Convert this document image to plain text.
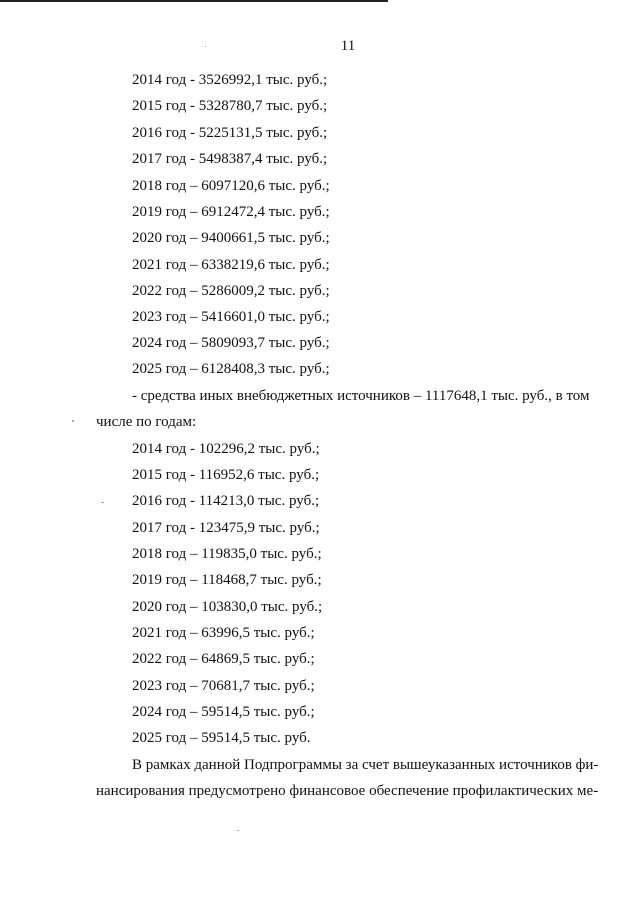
11
2014 год - 3526992,1 тыс. руб.;
2015 год - 5328780,7 тыс. руб.;
2016 год - 5225131,5 тыс. руб.;
2017 год - 5498387,4 тыс. руб.;
2018 год – 6097120,6 тыс. руб.;
2019 год – 6912472,4 тыс. руб.;
2020 год – 9400661,5 тыс. руб.;
2021 год – 6338219,6 тыс. руб.;
2022 год – 5286009,2 тыс. руб.;
2023 год – 5416601,0 тыс. руб.;
2024 год – 5809093,7 тыс. руб.;
2025 год – 6128408,3 тыс. руб.;
- средства иных внебюджетных источников – 1117648,1 тыс. руб., в том
числе по годам:
2014 год - 102296,2 тыс. руб.;
2015 год - 116952,6 тыс. руб.;
2016 год - 114213,0 тыс. руб.;
2017 год - 123475,9 тыс. руб.;
2018 год – 119835,0 тыс. руб.;
2019 год – 118468,7 тыс. руб.;
2020 год – 103830,0 тыс. руб.;
2021 год – 63996,5 тыс. руб.;
2022 год – 64869,5 тыс. руб.;
2023 год – 70681,7 тыс. руб.;
2024 год – 59514,5 тыс. руб.;
2025 год – 59514,5 тыс. руб.
В рамках данной Подпрограммы за счет вышеуказанных источников фи-
нансирования предусмотрено финансовое обеспечение профилактических ме-
